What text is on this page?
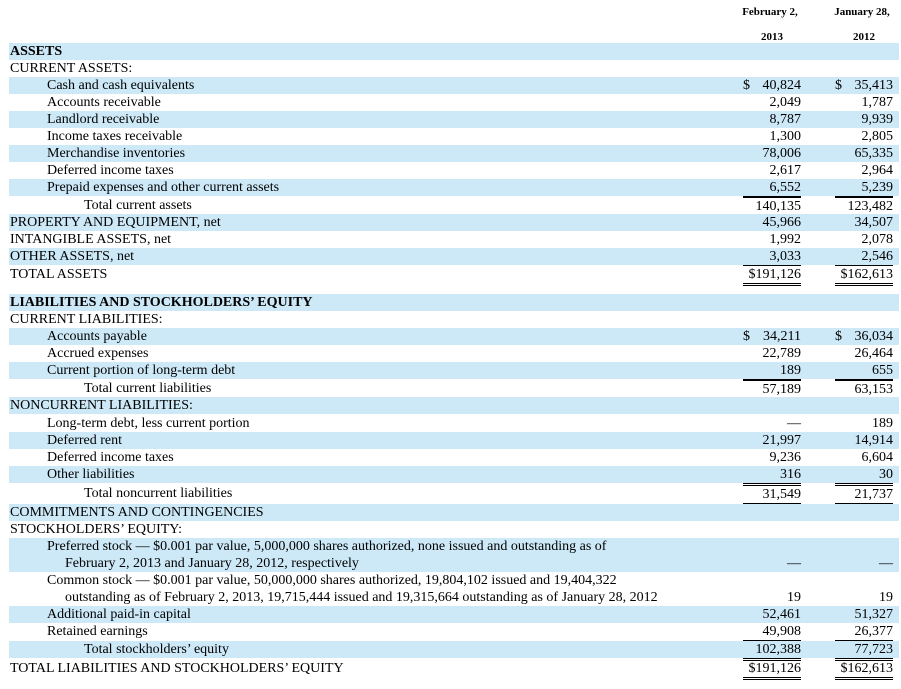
February 2,	January 28,
2013	2012
ASSETS
CURRENT ASSETS:
Cash and cash equivalents	$ 40,824 $ 35,413
Accounts receivable	2,049	1,787
Landlord receivable	8,787	9,939
Income taxes receivable	1,300	2,805
Merchandise inventories	78,006	65,335
Deferred income taxes	2,617	2,964
Prepaid expenses and other current assets	6,552	5,239
Total current assets	140,135	123,482
PROPERTY AND EQUIPMENT, net	45,966	34,507
INTANGIBLE ASSETS, net	1,992	2,078
OTHER ASSETS, net	3,033	2,546
TOTAL ASSETS	$191,126	$162,613
LIABILITIES AND STOCKHOLDERS’ EQUITY
CURRENT LIABILITIES:
Accounts payable	$ 34,211 $ 36,034
Accrued expenses	22,789	26,464
Current portion of long-term debt	189	655
Total current liabilities	57,189	63,153
NONCURRENT LIABILITIES:
Long-term debt, less current portion	—	189
Deferred rent	21,997	14,914
Deferred income taxes	9,236	6,604
Other liabilities	316	30
Total noncurrent liabilities	31,549	21,737
COMMITMENTS AND CONTINGENCIES
STOCKHOLDERS’ EQUITY:
Preferred stock — $0.001 par value, 5,000,000 shares authorized, none issued and outstanding as of
February 2, 2013 and January 28, 2012, respectively	—	—
Common stock — $0.001 par value, 50,000,000 shares authorized, 19,804,102 issued and 19,404,322
outstanding as of February 2, 2013, 19,715,444 issued and 19,315,664 outstanding as of January 28, 2012	19	19
Additional paid-in capital	52,461	51,327
Retained earnings	49,908	26,377
Total stockholders’ equity	102,388	77,723
TOTAL LIABILITIES AND STOCKHOLDERS’ EQUITY	$191,126	$162,613
